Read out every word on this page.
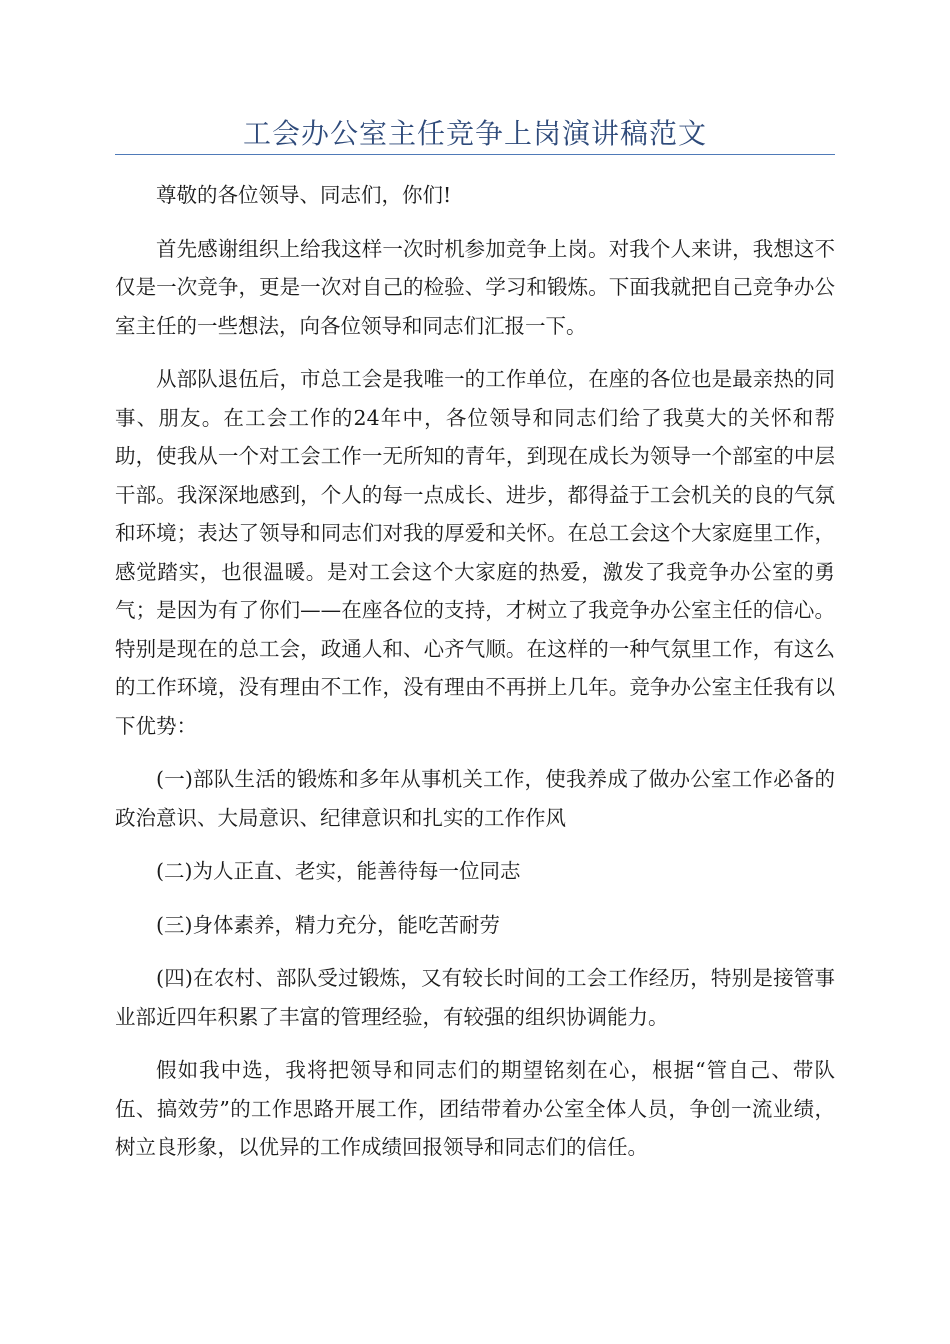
工会办公室主任竞争上岗演讲稿范文

尊敬的各位领导、同志们，你们!

首先感谢组织上给我这样一次时机参加竞争上岗。对我个人来讲，我想这不仅是一次竞争，更是一次对自己的检验、学习和锻炼。下面我就把自己竞争办公室主任的一些想法，向各位领导和同志们汇报一下。

从部队退伍后，市总工会是我唯一的工作单位，在座的各位也是最亲热的同事、朋友。在工会工作的24年中，各位领导和同志们给了我莫大的关怀和帮助，使我从一个对工会工作一无所知的青年，到现在成长为领导一个部室的中层干部。我深深地感到，个人的每一点成长、进步，都得益于工会机关的良的气氛和环境；表达了领导和同志们对我的厚爱和关怀。在总工会这个大家庭里工作，感觉踏实，也很温暖。是对工会这个大家庭的热爱，激发了我竞争办公室的勇气；是因为有了你们——在座各位的支持，才树立了我竞争办公室主任的信心。特别是现在的总工会，政通人和、心齐气顺。在这样的一种气氛里工作，有这么的工作环境，没有理由不工作，没有理由不再拼上几年。竞争办公室主任我有以下优势：

(一)部队生活的锻炼和多年从事机关工作，使我养成了做办公室工作必备的政治意识、大局意识、纪律意识和扎实的工作作风

(二)为人正直、老实，能善待每一位同志

(三)身体素养，精力充分，能吃苦耐劳

(四)在农村、部队受过锻炼，又有较长时间的工会工作经历，特别是接管事业部近四年积累了丰富的管理经验，有较强的组织协调能力。

假如我中选，我将把领导和同志们的期望铭刻在心，根据“管自己、带队伍、搞效劳”的工作思路开展工作，团结带着办公室全体人员，争创一流业绩，树立良形象，以优异的工作成绩回报领导和同志们的信任。
